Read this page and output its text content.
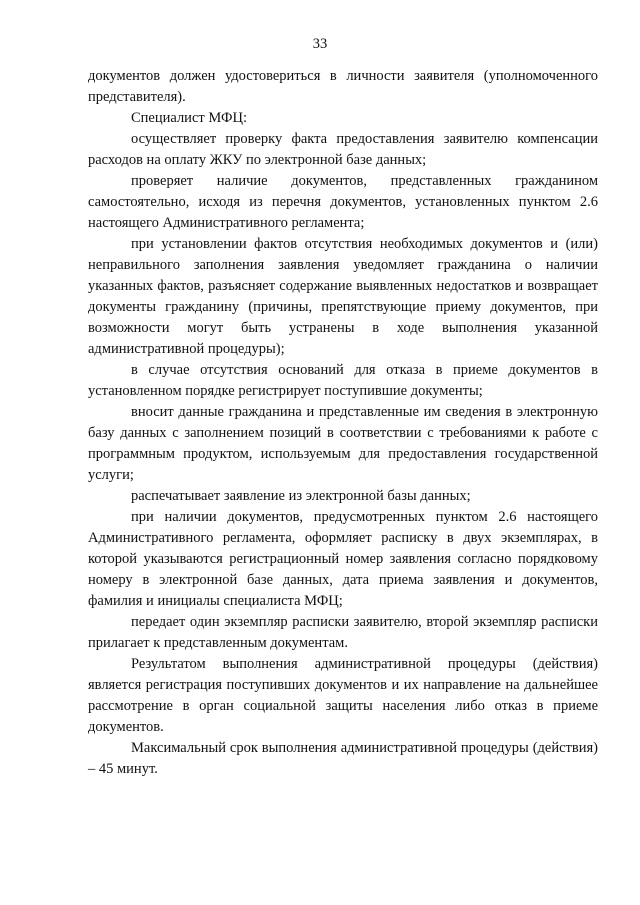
33

документов должен удостовериться в личности заявителя (уполномоченного представителя).

Специалист МФЦ:

осуществляет проверку факта предоставления заявителю компенсации расходов на оплату ЖКУ по электронной базе данных;

проверяет наличие документов, представленных гражданином самостоятельно, исходя из перечня документов, установленных пунктом 2.6 настоящего Административного регламента;

при установлении фактов отсутствия необходимых документов и (или) неправильного заполнения заявления уведомляет гражданина о наличии указанных фактов, разъясняет содержание выявленных недостатков и возвращает документы гражданину (причины, препятствующие приему документов, при возможности могут быть устранены в ходе выполнения указанной административной процедуры);

в случае отсутствия оснований для отказа в приеме документов в установленном порядке регистрирует поступившие документы;

вносит данные гражданина и представленные им сведения в электронную базу данных с заполнением позиций в соответствии с требованиями к работе с программным продуктом, используемым для предоставления государственной услуги;

распечатывает заявление из электронной базы данных;

при наличии документов, предусмотренных пунктом 2.6 настоящего Административного регламента, оформляет расписку в двух экземплярах, в которой указываются регистрационный номер заявления согласно порядковому номеру в электронной базе данных, дата приема заявления и документов, фамилия и инициалы специалиста МФЦ;

передает один экземпляр расписки заявителю, второй экземпляр расписки прилагает к представленным документам.

Результатом выполнения административной процедуры (действия) является регистрация поступивших документов и их направление на дальнейшее рассмотрение в орган социальной защиты населения либо отказ в приеме документов.

Максимальный срок выполнения административной процедуры (действия) – 45 минут.
